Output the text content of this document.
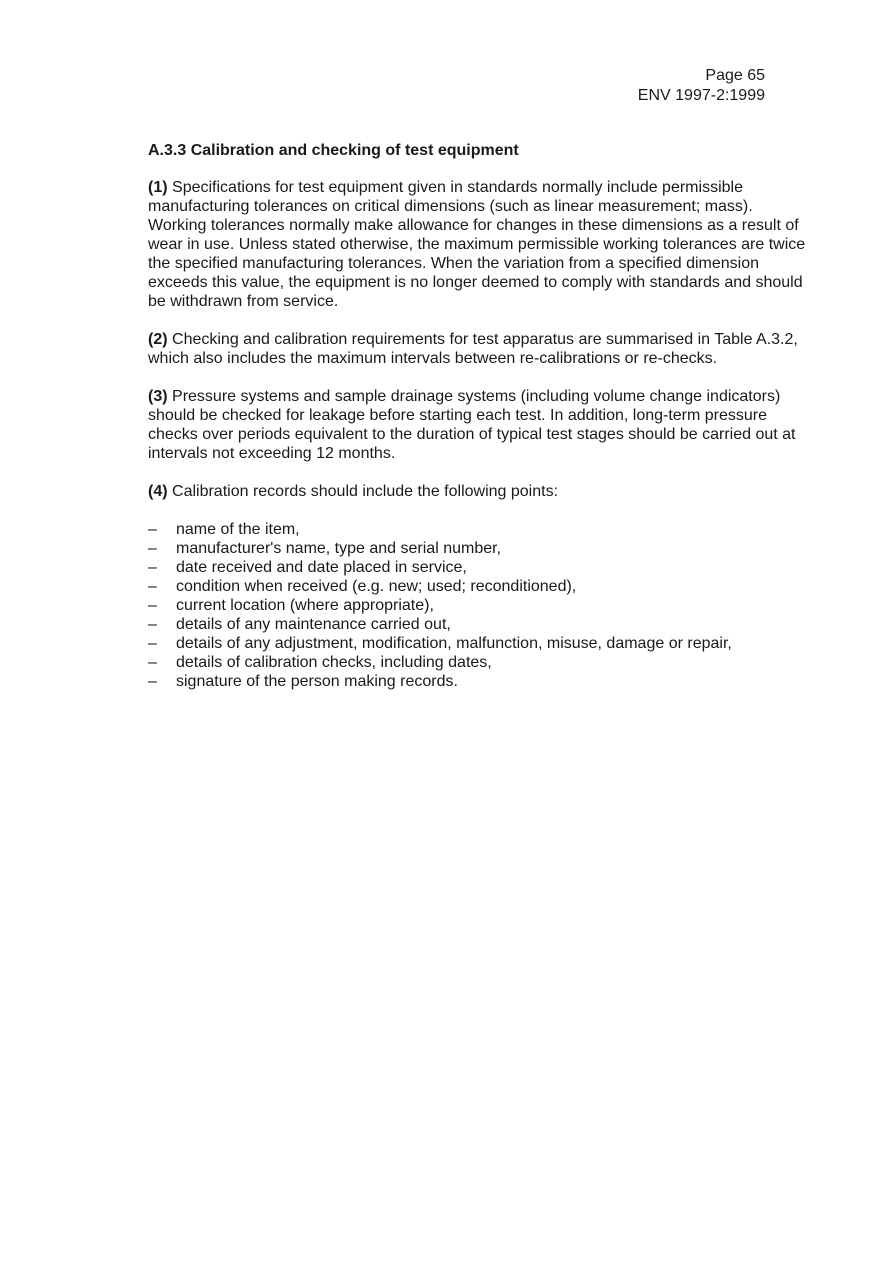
Page 65
ENV 1997-2:1999
A.3.3 Calibration and checking of test equipment

(1) Specifications for test equipment given in standards normally include permissible manufacturing tolerances on critical dimensions (such as linear measurement; mass). Working tolerances normally make allowance for changes in these dimensions as a result of wear in use. Unless stated otherwise, the maximum permissible working tolerances are twice the specified manufacturing tolerances. When the variation from a specified dimension exceeds this value, the equipment is no longer deemed to comply with standards and should be withdrawn from service.

(2) Checking and calibration requirements for test apparatus are summarised in Table A.3.2, which also includes the maximum intervals between re-calibrations or re-checks.

(3) Pressure systems and sample drainage systems (including volume change indicators) should be checked for leakage before starting each test. In addition, long-term pressure checks over periods equivalent to the duration of typical test stages should be carried out at intervals not exceeding 12 months.

(4) Calibration records should include the following points:

– name of the item,
– manufacturer's name, type and serial number,
– date received and date placed in service,
– condition when received (e.g. new; used; reconditioned),
– current location (where appropriate),
– details of any maintenance carried out,
– details of any adjustment, modification, malfunction, misuse, damage or repair,
– details of calibration checks, including dates,
– signature of the person making records.
